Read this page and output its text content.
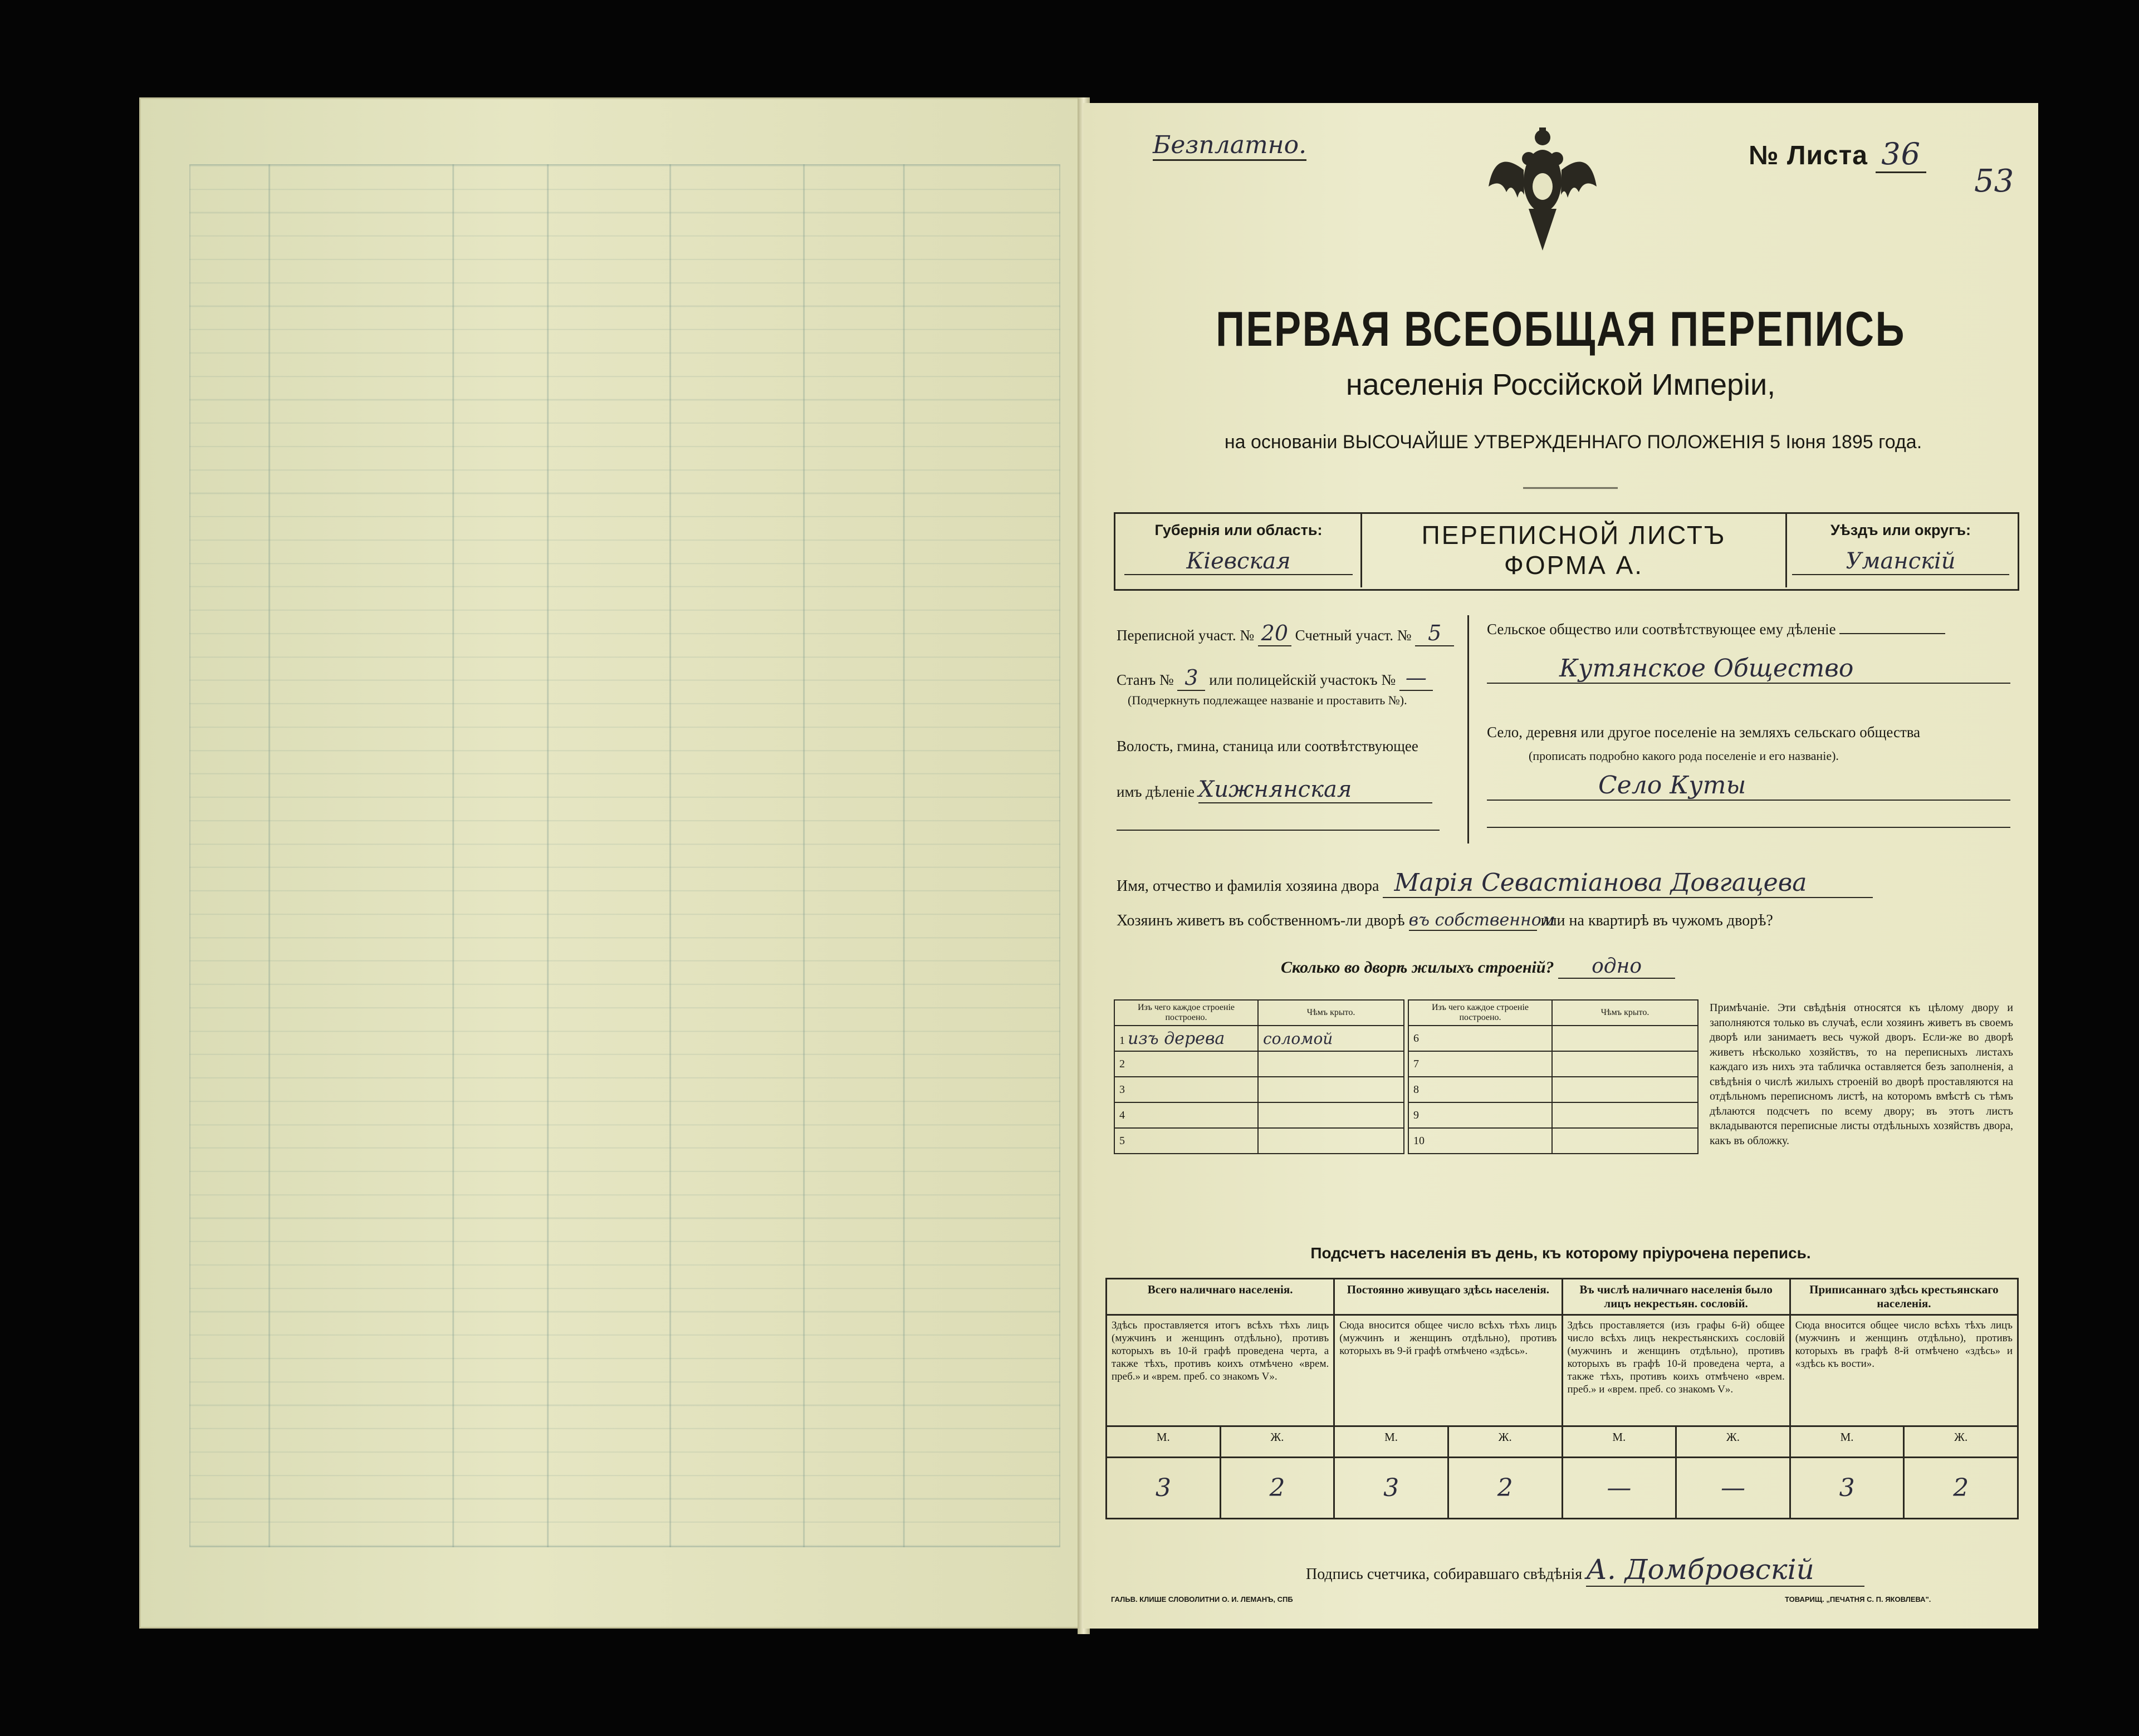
Безплатно.	№ Листа 36
53
ПЕРВАЯ ВСЕОБЩАЯ ПЕРЕПИСЬ
населенія Россійской Имперіи,
на основаніи ВЫСОЧАЙШЕ УТВЕРЖДЕННАГО ПОЛОЖЕНІЯ 5 Іюня 1895 года.
Губернія или область:
Кіевская
ПЕРЕПИСНОЙ ЛИСТЪ
ФОРМА А.
Уѣздъ или округъ:
Уманскій
Переписной участ. № 20 Счетный участ. № 5
Станъ № 3 или полицейскій участокъ № —
(Подчеркнуть подлежащее названіе и проставить №).
Волость, гмина, станица или соотвѣтствующее
имъ дѣленіе Хижнянская
Сельское общество или соотвѣтствующее ему дѣленіе
Кутянское Общество
Село, деревня или другое поселеніе на земляхъ сельскаго общества
(прописать подробно какого рода поселеніе и его названіе).
Село Куты
Имя, отчество и фамилія хозяина двора Марія Севастіанова Довгацева
Хозяинъ живетъ въ собственномъ-ли дворѣ въ собственном или на квартирѣ въ чужомъ дворѣ?
Сколько во дворѣ жилыхъ строеній? одно
Изъ чего каждое строеніе построено.	Чѣмъ крыто.
1 изъ дерева	соломой
2	
3	
4	
5	
Изъ чего каждое строеніе построено.	Чѣмъ крыто.
6	
7	
8	
9	
10	
Примѣчаніе. Эти свѣдѣнія относятся къ цѣлому двору и заполняются только въ случаѣ, если хозяинъ живетъ въ своемъ дворѣ или занимаетъ весь чужой дворъ. Если-же во дворѣ живетъ нѣсколько хозяйствъ, то на переписныхъ листахъ каждаго изъ нихъ эта табличка оставляется безъ заполненія, а свѣдѣнія о числѣ жилыхъ строеній во дворѣ проставляются на отдѣльномъ переписномъ листѣ, на которомъ вмѣстѣ съ тѣмъ дѣлаются подсчетъ по всему двору; въ этотъ листъ вкладываются переписные листы отдѣльныхъ хозяйствъ двора, какъ въ обложку.
Подсчетъ населенія въ день, къ которому пріурочена перепись.
Всего наличнаго населенія.		Постоянно живущаго здѣсь населенія.		Въ числѣ наличнаго населенія было лицъ некрестьян. сословій.		Приписаннаго здѣсь крестьянскаго населенія.	
Здѣсь проставляется итогъ всѣхъ тѣхъ лицъ (мужчинъ и женщинъ отдѣльно), противъ которыхъ въ 10-й графѣ проведена черта, а также тѣхъ, противъ коихъ отмѣчено «врем. преб.» и «врем. преб. со знакомъ V».		Сюда вносится общее число всѣхъ тѣхъ лицъ (мужчинъ и женщинъ отдѣльно), противъ которыхъ въ 9-й графѣ отмѣчено «здѣсь».		Здѣсь проставляется (изъ графы 6-й) общее число всѣхъ лицъ некрестьянскихъ сословій (мужчинъ и женщинъ отдѣльно), противъ которыхъ въ графѣ 10-й проведена черта, а также тѣхъ, противъ коихъ отмѣчено «врем. преб.» и «врем. преб. со знакомъ V».		Сюда вносится общее число всѣхъ тѣхъ лицъ (мужчинъ и женщинъ отдѣльно), противъ которыхъ въ графѣ 8-й отмѣчено «здѣсь» и «здѣсь къ вости».	
М.	Ж.	М.	Ж.	М.	Ж.	М.	Ж.
3	2	3	2	—	—	3	2
Подпись счетчика, собиравшаго свѣдѣнія А. Домбровскій
ГАЛЬВ. КЛИШЕ СЛОВОЛИТНИ О. И. ЛЕМАНЪ, СПБ	ТОВАРИЩ. „ПЕЧАТНЯ С. П. ЯКОВЛЕВА".
